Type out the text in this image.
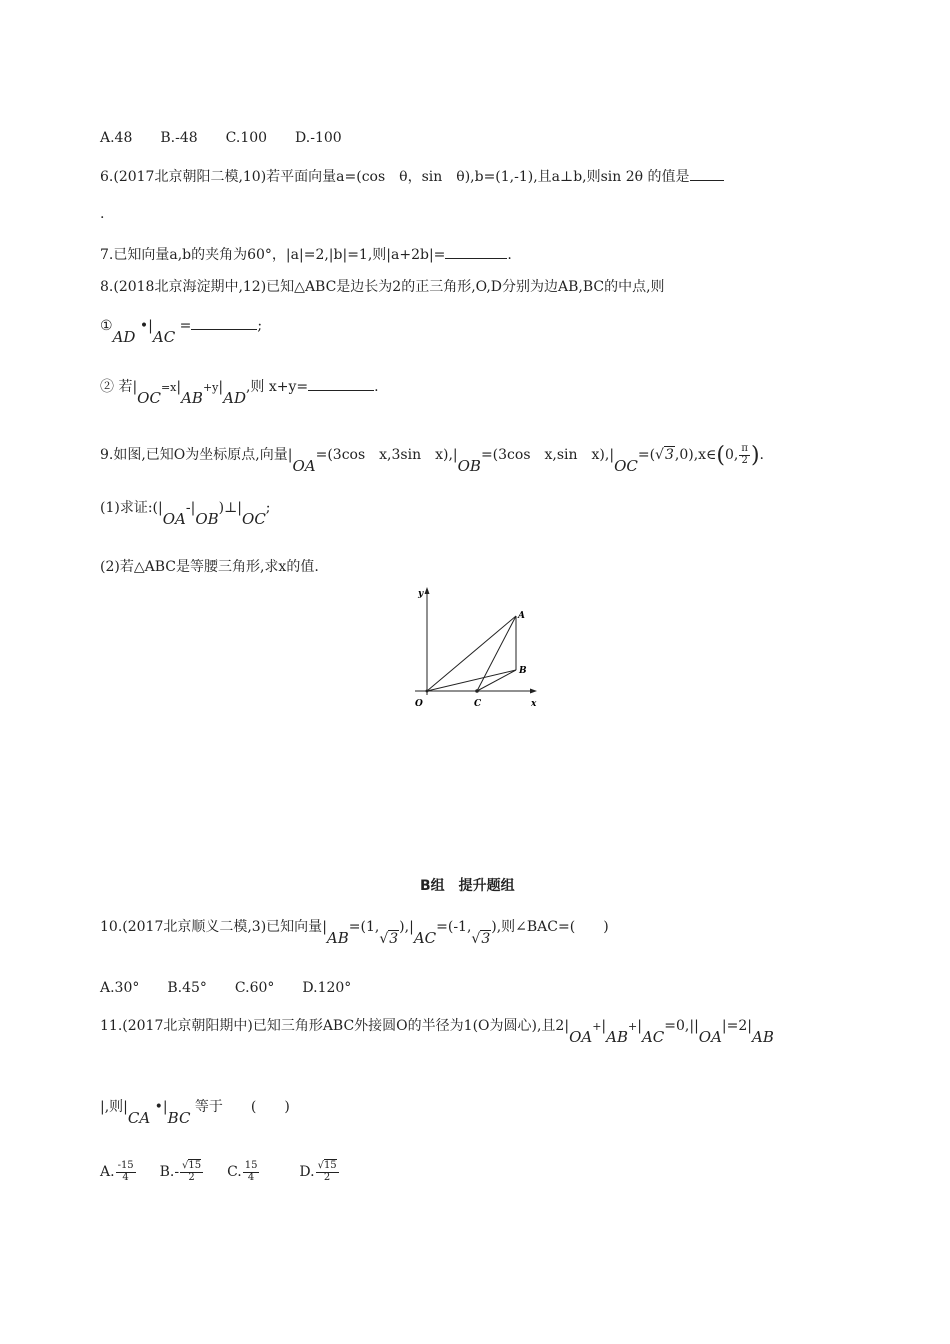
A.48　　B.-48　　C.100　　D.-100
6.(2017北京朝阳二模,10)若平面向量a=(cos　θ，sin　θ),b=(1,-1),且a⊥b,则sin 2θ 的值是
.
7.已知向量a,b的夹角为60°，|a|=2,|b|=1,则|a+2b|=	.
8.(2018北京海淀期中,12)已知△ABC是边长为2的正三角形,O,D分别为边AB,BC的中点,则
①AD •|AC =	;
② 若|OC=x|AB+y|AD,则 x+y=	.
9.如图,已知O为坐标原点,向量|OA=(3cos　x,3sin　x),|OB=(3cos　x,sin　x),|OC=(√3,0),x∈(0, $\frac{\pi}{2}$ ).
(1)求证:(|OA-|OB)⊥|OC;
(2)若△ABC是等腰三角形,求x的值.
y
x
O
A
B
C
B组　提升题组
10.(2017北京顺义二模,3)已知向量|AB=(1,√3),|AC=(-1,√3),则∠BAC=(　　)
A.30°　　B.45°　　C.60°　　D.120°
11.(2017北京朝阳期中)已知三角形ABC外接圆O的半径为1(O为圆心),且2|OA+|AB+|AC=0,||OA|=2|AB
|,则|CA •|BC 等于　　(　　)
A. $\frac{-15}{4} B.- \frac{√15}{2} C$. $\frac{15}{4}$	D. $\frac{√15}{2}$
